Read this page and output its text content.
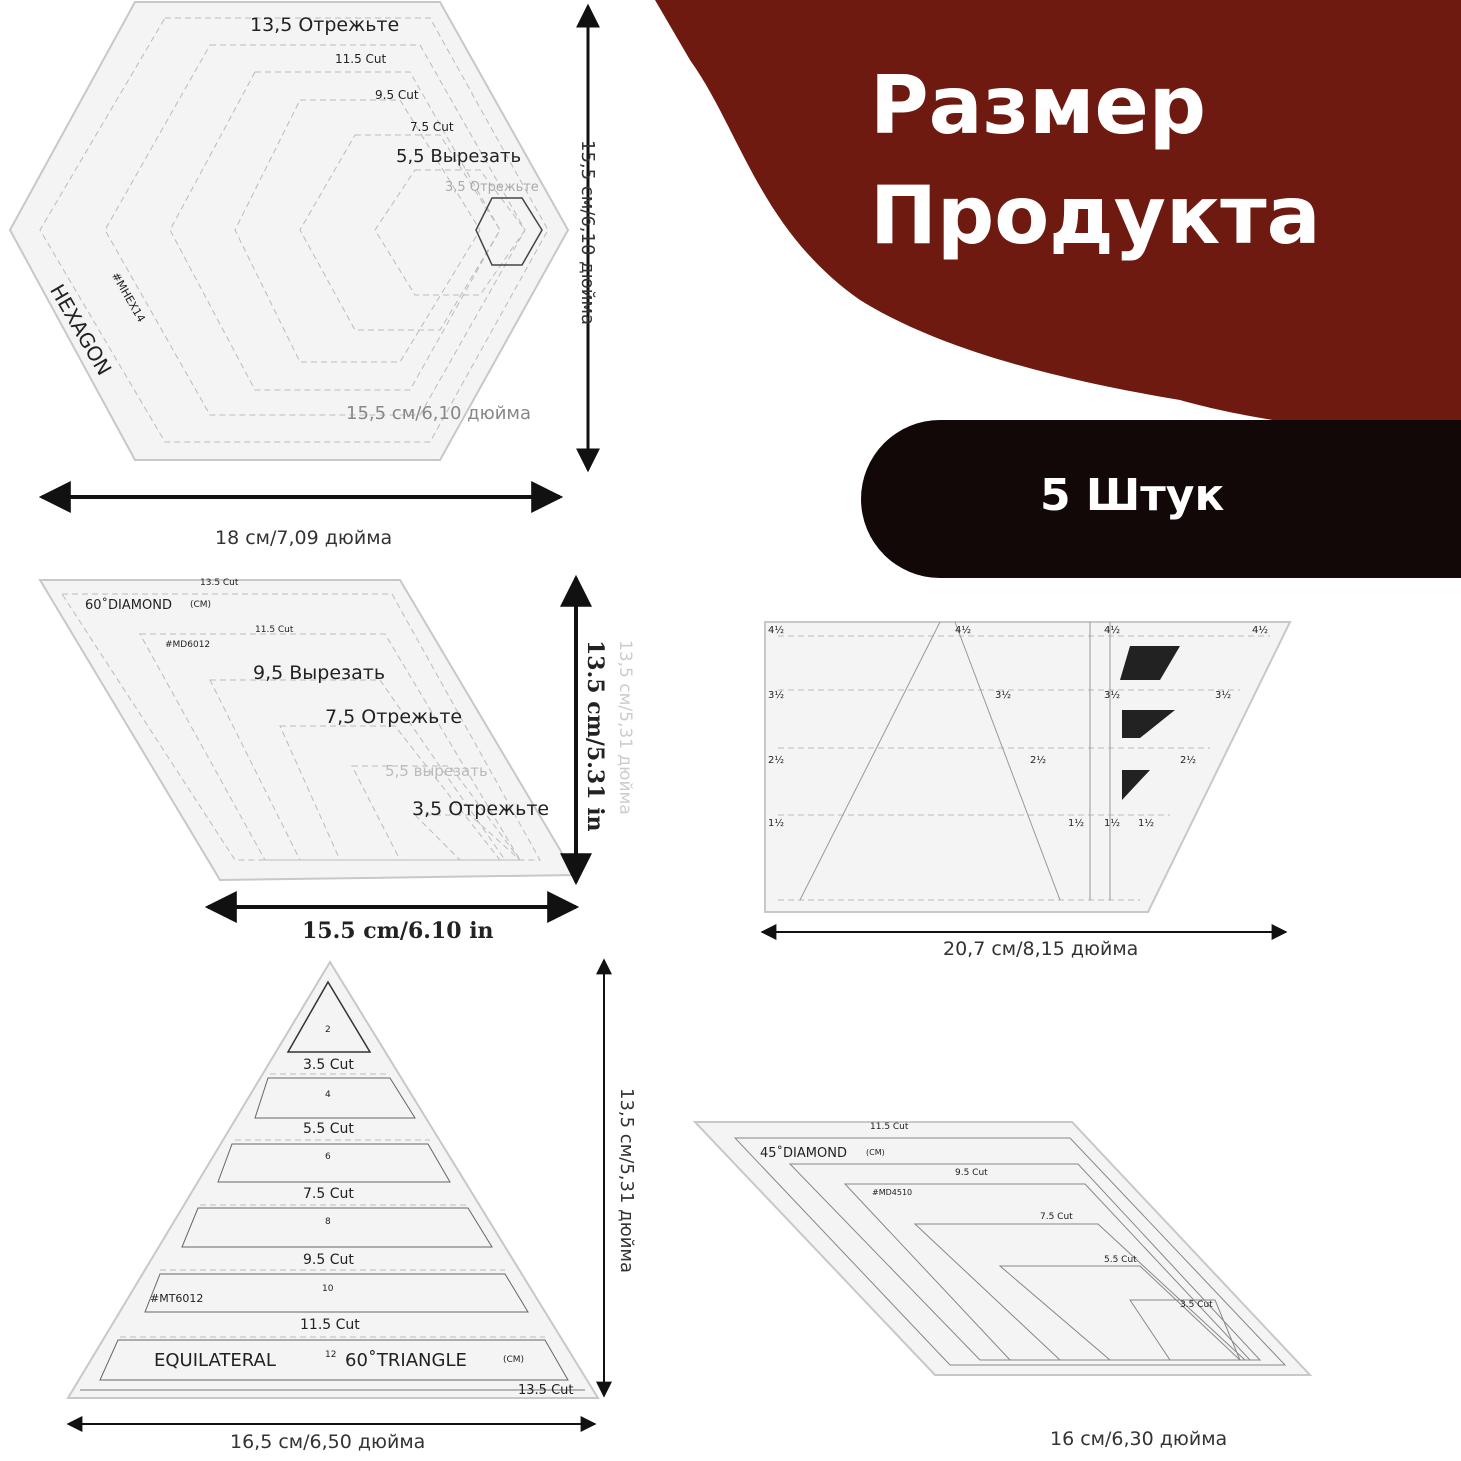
Размер
Продукта
5 Штук
13,5 Отрежьте
11.5 Cut
9.5 Cut
7.5 Cut
5,5 Вырезать
3,5 Отрежьте
#MHEX14
HEXAGON
15,5 см/6,10 дюйма
18 см/7,09 дюйма
15,5 см/6,10 дюйма
13.5 Cut
60˚DIAMOND (CM)
11.5 Cut
#MD6012
9,5 Вырезать
7,5 Отрежьте
5,5 вырезать
3,5 Отрежьте
15.5 cm/6.10 in
13.5 cm/5.31 in 13,5 см/5,31 дюйма
4½	4½	4½	4½
3½	3½	3½	3½
2½	2½	2½
1½	1½ 1½ 1½
20,7 см/8,15 дюйма
2
3.5 Cut
4
5.5 Cut
6
7.5 Cut
8
9.5 Cut
10
#MT6012
11.5 Cut
12
EQUILATERAL	60˚TRIANGLE	(CM)
13.5 Cut
16,5 см/6,50 дюйма
13,5 см/5,31 дюйма	11.5 Cut
45˚DIAMOND (CM)
9.5 Cut
#MD4510
7.5 Cut
5.5 Cut
3.5 Cut
16 см/6,30 дюйма
